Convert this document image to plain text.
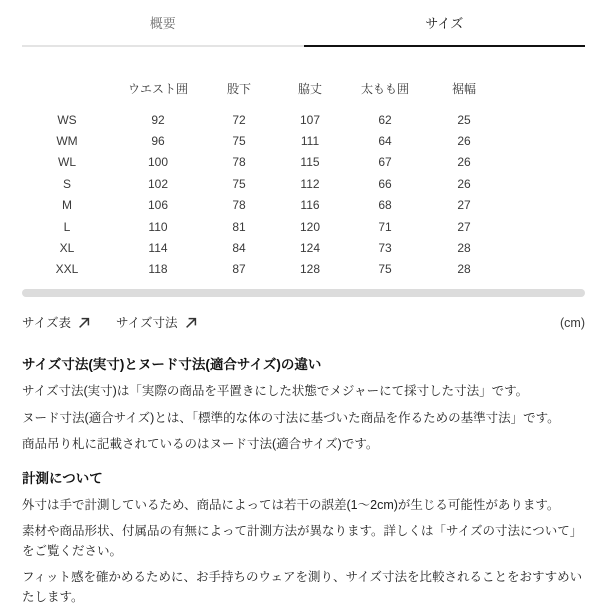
概要	サイズ
	ウエスト囲	股下	脇丈	太もも囲	裾幅
WS	92	72	107	62	25
WM	96	75	111	64	26
WL	100	78	115	67	26
S	102	75	112	66	26
M	106	78	116	68	27
L	110	81	120	71	27
XL	114	84	124	73	28
XXL	118	87	128	75	28
サイズ表	サイズ寸法	(cm)
サイズ寸法(実寸)とヌード寸法(適合サイズ)の違い

サイズ寸法(実寸)は「実際の商品を平置きにした状態でメジャーにて採寸した寸法」です。

ヌード寸法(適合サイズ)とは、「標準的な体の寸法に基づいた商品を作るための基準寸法」です。

商品吊り札に記載されているのはヌード寸法(適合サイズ)です。

計測について

外寸は手で計測しているため、商品によっては若干の誤差(1〜2cm)が生じる可能性があります。

素材や商品形状、付属品の有無によって計測方法が異なります。詳しくは「サイズの寸法について」をご覧ください。

フィット感を確かめるために、お手持ちのウェアを測り、サイズ寸法を比較されることをおすすめいたします。
